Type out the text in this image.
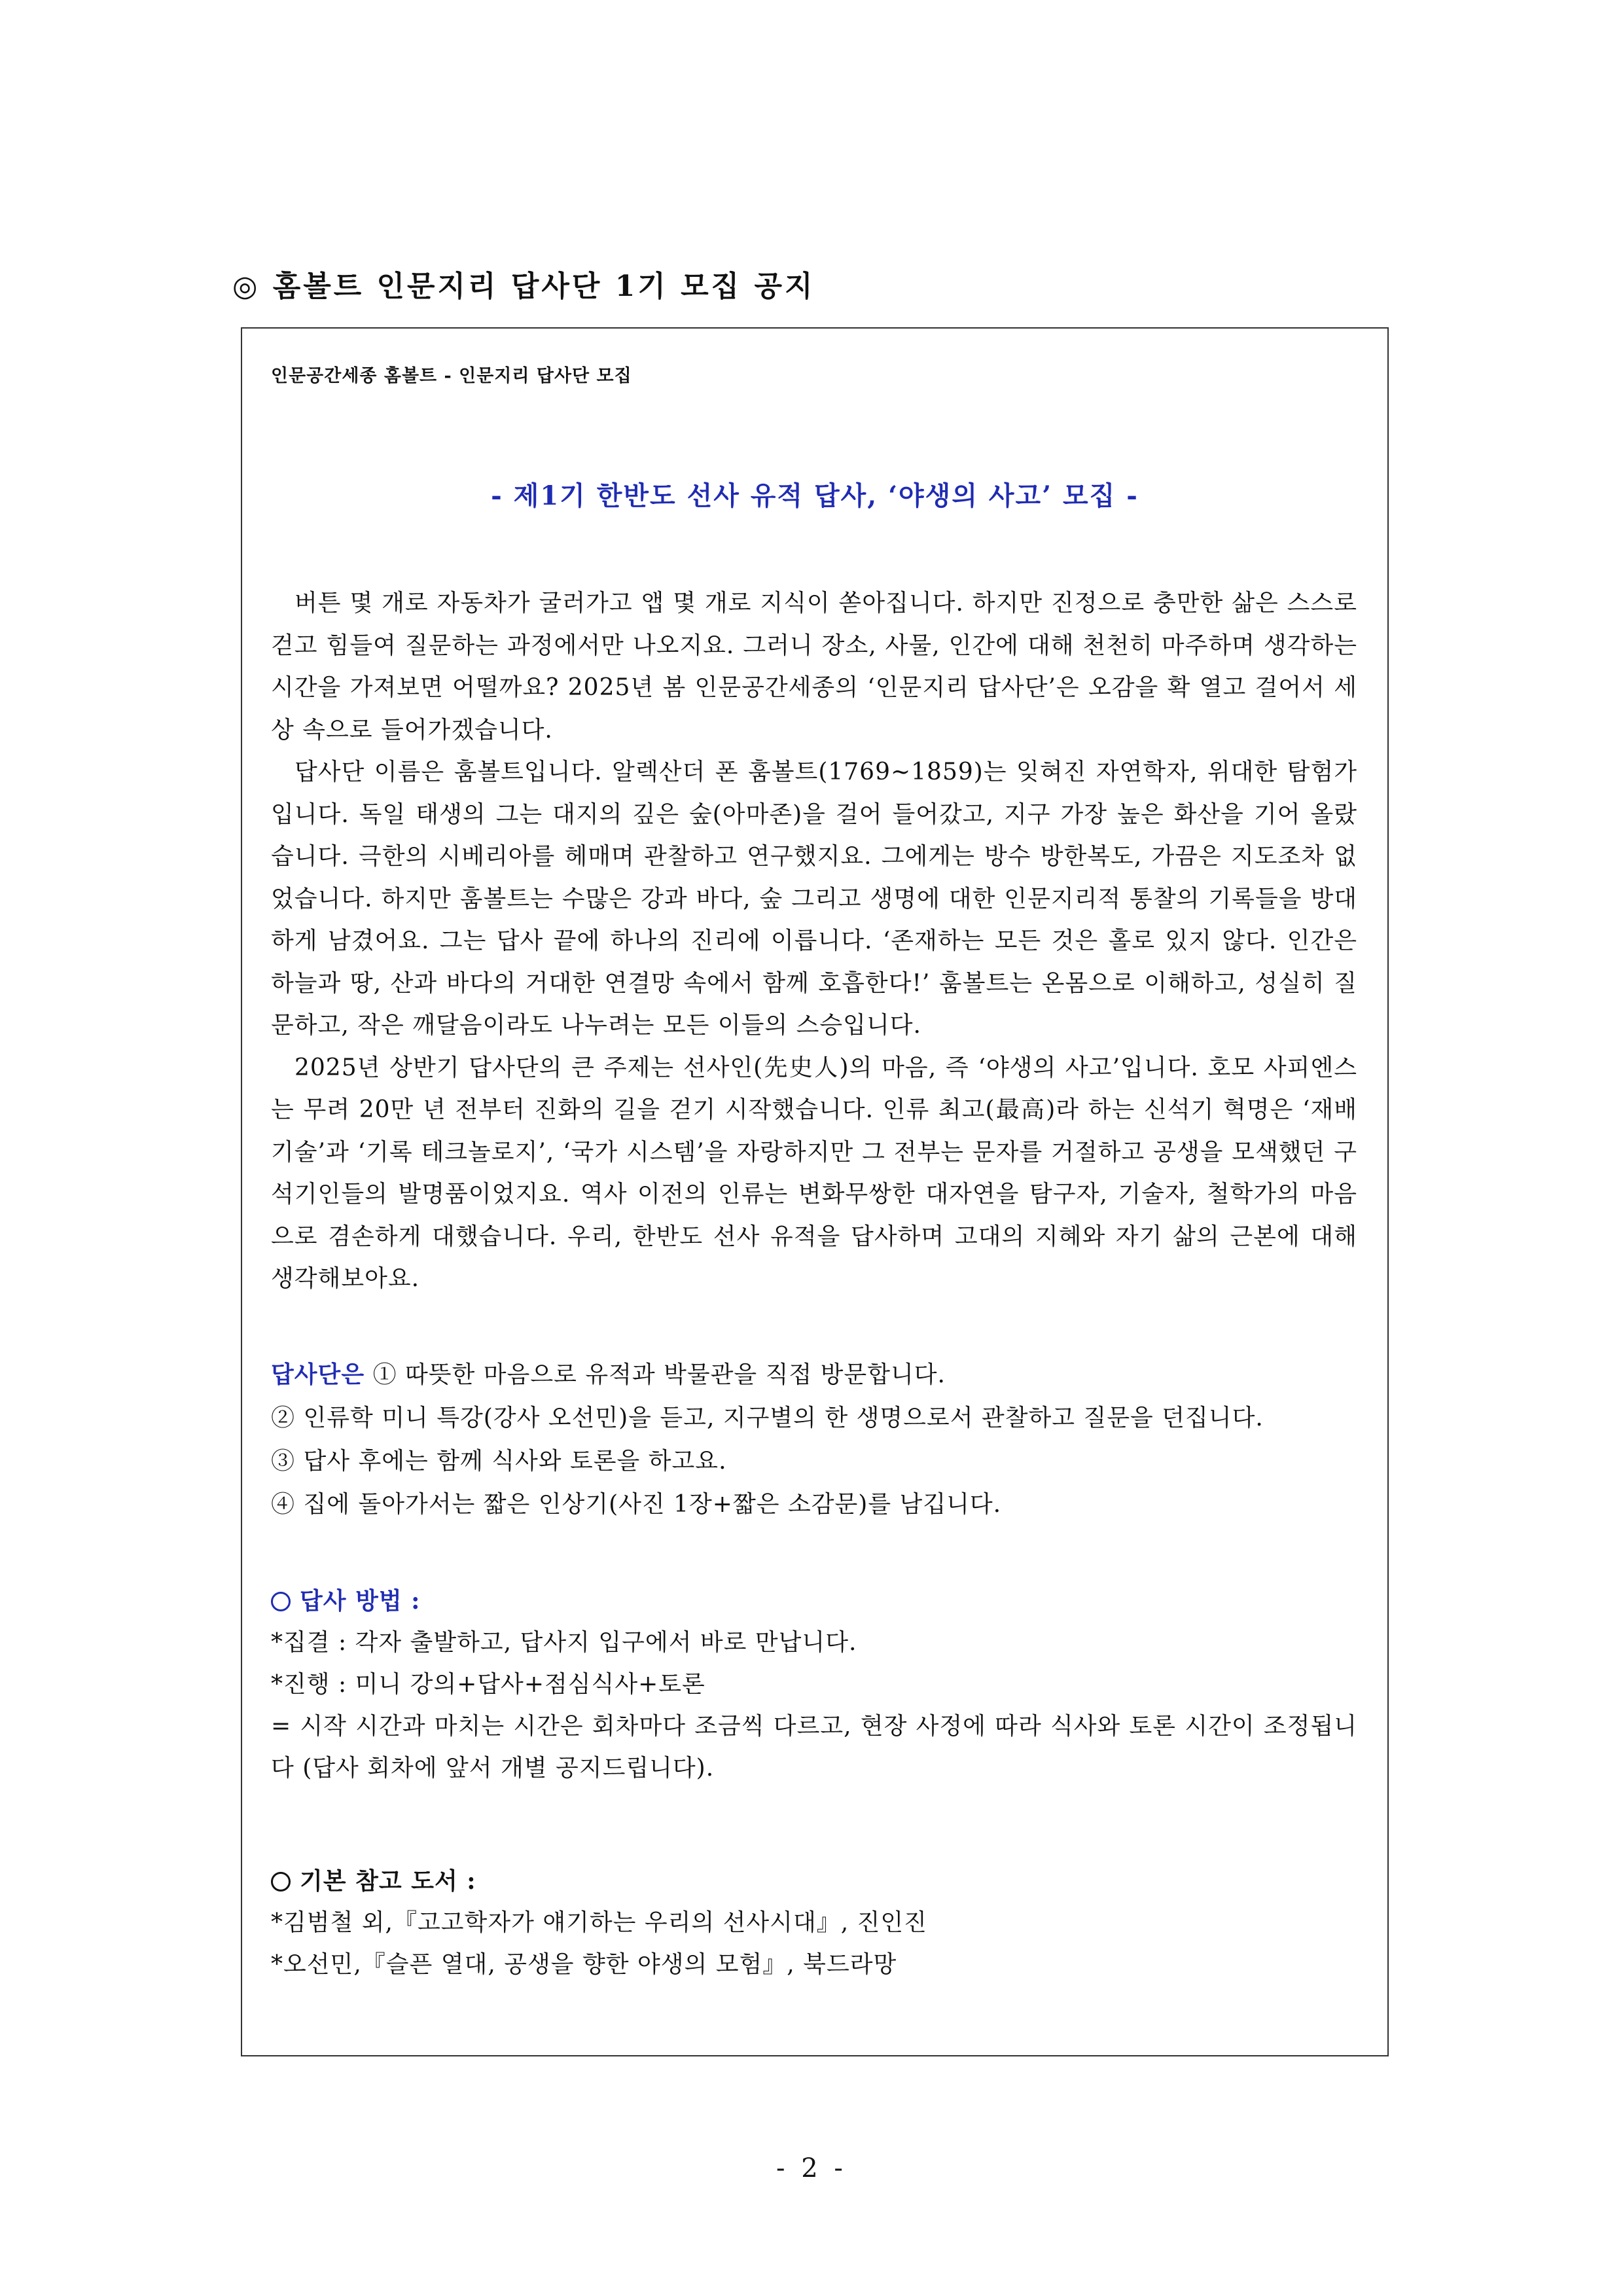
◎ 홈볼트 인문지리 답사단 1기 모집 공지
인문공간세종 홈볼트 - 인문지리 답사단 모집
- 제1기 한반도 선사 유적 답사, ‘야생의 사고’ 모집 -

버튼 몇 개로 자동차가 굴러가고 앱 몇 개로 지식이 쏟아집니다. 하지만 진정으로 충만한 삶은 스스로 걷고 힘들여 질문하는 과정에서만 나오지요. 그러니 장소, 사물, 인간에 대해 천천히 마주하며 생각하는 시간을 가져보면 어떨까요? 2025년 봄 인문공간세종의 ‘인문지리 답사단’은 오감을 확 열고 걸어서 세상 속으로 들어가겠습니다.

답사단 이름은 훔볼트입니다. 알렉산더 폰 훔볼트(1769~1859)는 잊혀진 자연학자, 위대한 탐험가입니다. 독일 태생의 그는 대지의 깊은 숲(아마존)을 걸어 들어갔고, 지구 가장 높은 화산을 기어 올랐습니다. 극한의 시베리아를 헤매며 관찰하고 연구했지요. 그에게는 방수 방한복도, 가끔은 지도조차 없었습니다. 하지만 훔볼트는 수많은 강과 바다, 숲 그리고 생명에 대한 인문지리적 통찰의 기록들을 방대하게 남겼어요. 그는 답사 끝에 하나의 진리에 이릅니다. ‘존재하는 모든 것은 홀로 있지 않다. 인간은 하늘과 땅, 산과 바다의 거대한 연결망 속에서 함께 호흡한다!’ 훔볼트는 온몸으로 이해하고, 성실히 질문하고, 작은 깨달음이라도 나누려는 모든 이들의 스승입니다.

2025년 상반기 답사단의 큰 주제는 선사인(先史人)의 마음, 즉 ‘야생의 사고’입니다. 호모 사피엔스는 무려 20만 년 전부터 진화의 길을 걷기 시작했습니다. 인류 최고(最高)라 하는 신석기 혁명은 ‘재배 기술’과 ‘기록 테크놀로지’, ‘국가 시스템’을 자랑하지만 그 전부는 문자를 거절하고 공생을 모색했던 구석기인들의 발명품이었지요. 역사 이전의 인류는 변화무쌍한 대자연을 탐구자, 기술자, 철학가의 마음으로 겸손하게 대했습니다. 우리, 한반도 선사 유적을 답사하며 고대의 지혜와 자기 삶의 근본에 대해 생각해보아요.

답사단은 ① 따뜻한 마음으로 유적과 박물관을 직접 방문합니다.
② 인류학 미니 특강(강사 오선민)을 듣고, 지구별의 한 생명으로서 관찰하고 질문을 던집니다.
③ 답사 후에는 함께 식사와 토론을 하고요.
④ 집에 돌아가서는 짧은 인상기(사진 1장+짧은 소감문)를 남깁니다.
답사 방법 :
*집결 : 각자 출발하고, 답사지 입구에서 바로 만납니다.
*진행 : 미니 강의+답사+점심식사+토론
= 시작 시간과 마치는 시간은 회차마다 조금씩 다르고, 현장 사정에 따라 식사와 토론 시간이 조정됩니다 (답사 회차에 앞서 개별 공지드립니다).
기본 참고 도서 :
*김범철 외,『고고학자가 얘기하는 우리의 선사시대』, 진인진
*오선민,『슬픈 열대, 공생을 향한 야생의 모험』, 북드라망
- 2 -
